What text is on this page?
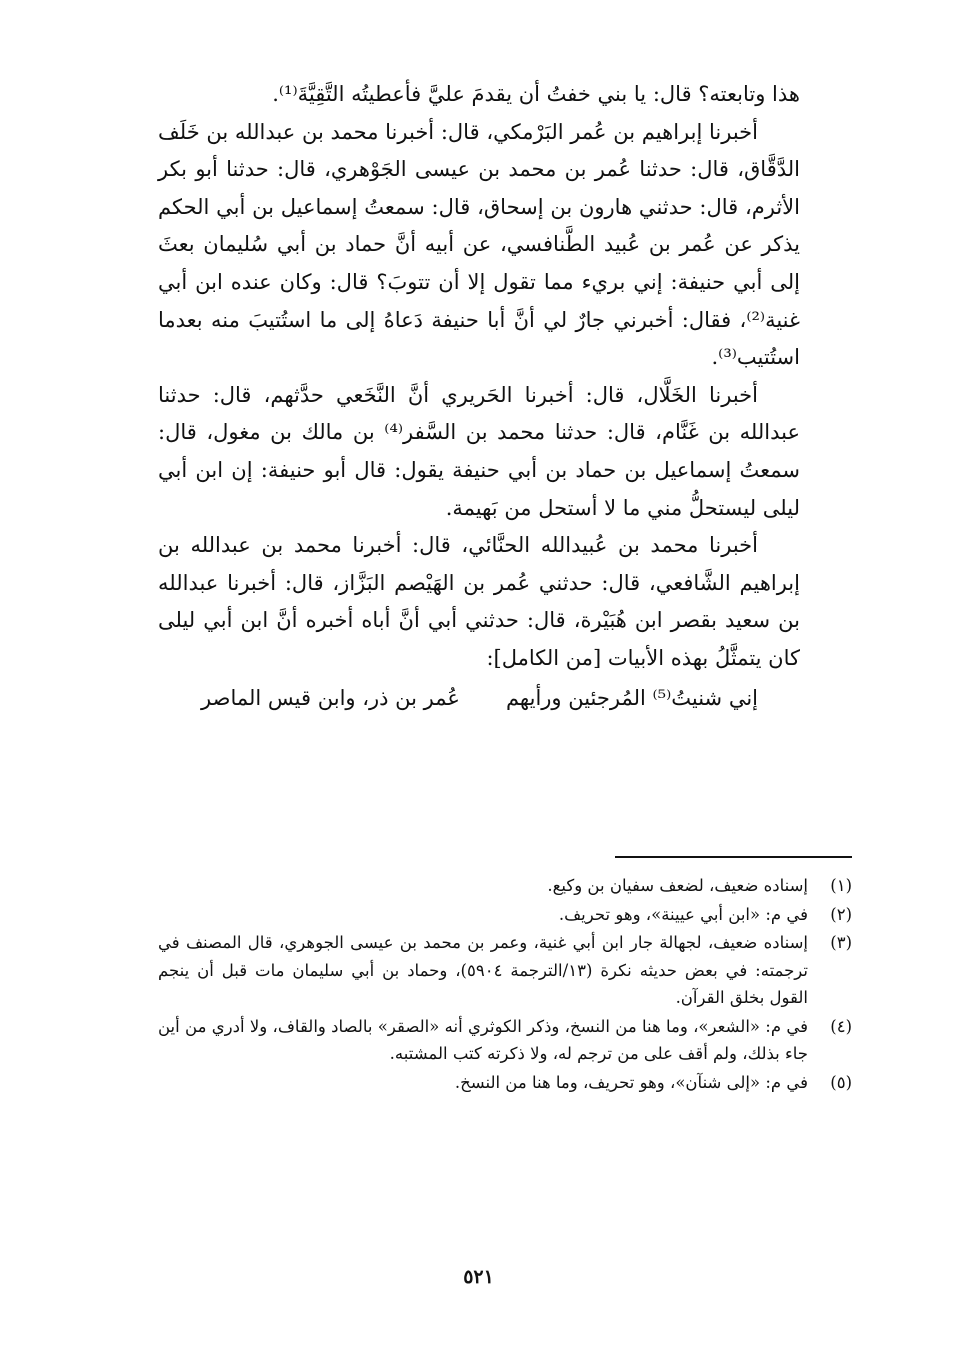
هذا وتابعته؟ قال: يا بني خفتُ أن يقدمَ عليَّ فأعطيتُه التَّقِيَّةَ⁽¹⁾.

أخبرنا إبراهيم بن عُمر البَرْمكي، قال: أخبرنا محمد بن عبدالله بن خَلَف الدَّقَّاق، قال: حدثنا عُمر بن محمد بن عيسى الجَوْهري، قال: حدثنا أبو بكر الأثرم، قال: حدثني هارون بن إسحاق، قال: سمعتُ إسماعيل بن أبي الحكم يذكر عن عُمر بن عُبيد الطَّنافسي، عن أبيه أنَّ حماد بن أبي سُليمان بعثَ إلى أبي حنيفة: إني بريء مما تقول إلا أن تتوبَ؟ قال: وكان عنده ابن أبي غنية⁽²⁾، فقال: أخبرني جارٌ لي أنَّ أبا حنيفة دَعاهُ إلى ما استُتيبَ منه بعدما استُتيب⁽³⁾.

أخبرنا الخَلَّال، قال: أخبرنا الحَريري أنَّ النَّخَعي حدَّثهم، قال: حدثنا عبدالله بن غَنَّام، قال: حدثنا محمد بن السَّفر⁽⁴⁾ بن مالك بن مغول، قال: سمعتُ إسماعيل بن حماد بن أبي حنيفة يقول: قال أبو حنيفة: إن ابن أبي ليلى ليستحلُّ مني ما لا أستحل من بَهيمة.

أخبرنا محمد بن عُبيدالله الحنَّائي، قال: أخبرنا محمد بن عبدالله بن إبراهيم الشَّافعي، قال: حدثني عُمر بن الهَيْصم البَزَّاز، قال: أخبرنا عبدالله بن سعيد بقصر ابن هُبَيْرة، قال: حدثني أبي أنَّ أباه أخبره أنَّ ابن أبي ليلى كان يتمثَّلُ بهذه الأبيات [من الكامل]:

إني شنيتُ⁽⁵⁾ المُرجئين ورأيهم
عُمر بن ذر، وابن قيس الماصر
(١)
إسناده ضعيف، لضعف سفيان بن وكيع.
(٢)
في م: «ابن أبي عيينة»، وهو تحريف.
(٣)
إسناده ضعيف، لجهالة جار ابن أبي غنية، وعمر بن محمد بن عيسى الجوهري، قال المصنف في ترجمته: في بعض حديثه نكرة (١٣/الترجمة ٥٩٠٤)، وحماد بن أبي سليمان مات قبل أن ينجم القول بخلق القرآن.
(٤)
في م: «الشعر»، وما هنا من النسخ، وذكر الكوثري أنه «الصقر» بالصاد والقاف، ولا أدري من أين جاء بذلك، ولم أقف على من ترجم له، ولا ذكرته كتب المشتبه.
(٥)
في م: «إلى شنآن»، وهو تحريف، وما هنا من النسخ.
٥٢١
